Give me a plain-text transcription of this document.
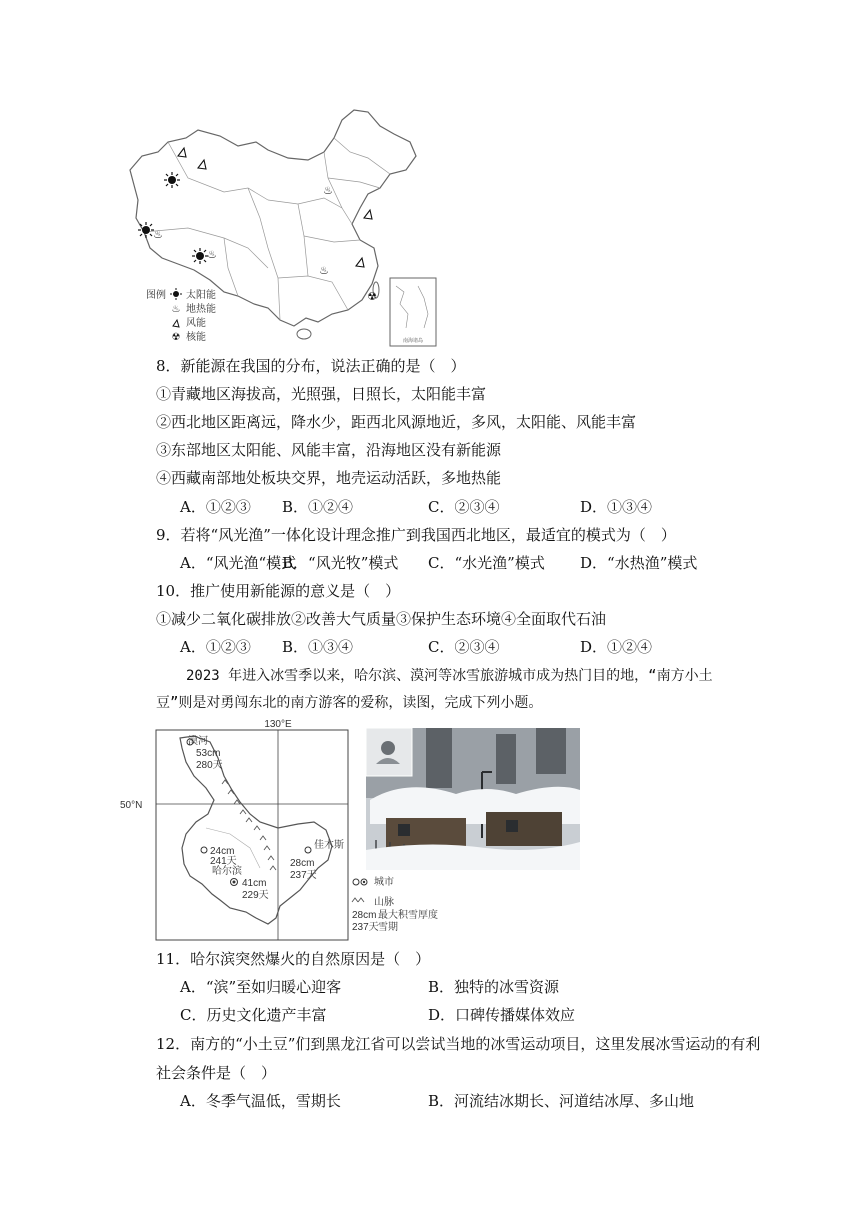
♨
♨
♨
♨
☢
图例 太阳能
♨ 地热能
风能
☢ 核能	南海诸岛
8．新能源在我国的分布，说法正确的是（　）
①青藏地区海拔高，光照强，日照长，太阳能丰富
②西北地区距离远，降水少，距西北风源地近，多风，太阳能、风能丰富
③东部地区太阳能、风能丰富，沿海地区没有新能源
④西藏南部地处板块交界，地壳运动活跃，多地热能
A．①②③ B．①②④	C．②③④	D．①③④
9．若将“风光渔”一体化设计理念推广到我国西北地区，最适宜的模式为（　）
A．“风光渔“模式
B．“风光牧”模式 C．“水光渔”模式 D．“水热渔”模式
10．推广使用新能源的意义是（　）
①减少二氧化碳排放②改善大气质量③保护生态环境④全面取代石油
A．①②③ B．①③④	C．②③④	D．①②④
2023 年进入冰雪季以来，哈尔滨、漠河等冰雪旅游城市成为热门目的地，“南方小土
豆”则是对勇闯东北的南方游客的爱称，读图，完成下列小题。
130°E
50°N
漠河
53cm
280天
24cm
241天
哈尔滨
41cm
229天
佳木斯
28cm
237天
城市
山脉
28cm 最大积雪厚度
237天 雪期
11．哈尔滨突然爆火的自然原因是（　）
A．“滨”至如归暖心迎客	B．独特的冰雪资源
C．历史文化遗产丰富	D．口碑传播媒体效应
12．南方的“小土豆”们到黑龙江省可以尝试当地的冰雪运动项目，这里发展冰雪运动的有利
社会条件是（　）
A．冬季气温低，雪期长	B．河流结冰期长、河道结冰厚、多山地
